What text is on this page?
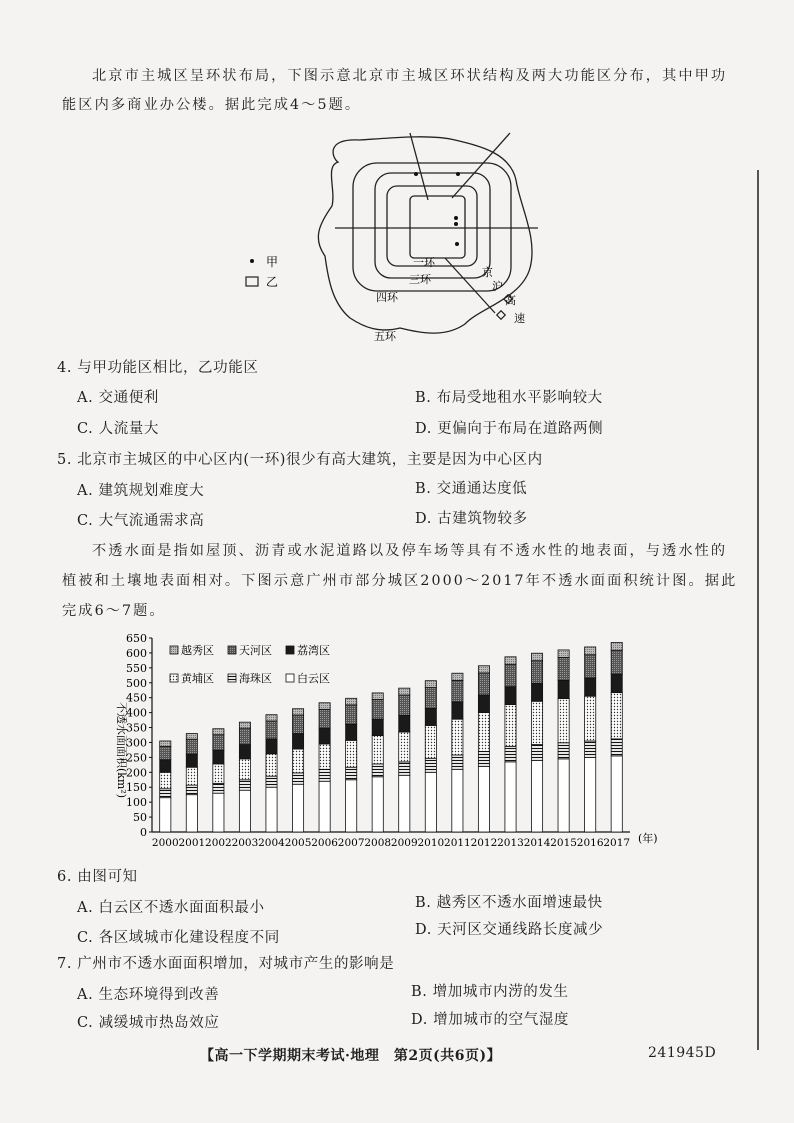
北京市主城区呈环状布局，下图示意北京市主城区环状结构及两大功能区分布，其中甲功
能区内多商业办公楼。据此完成4～5题。
甲
乙
一环
三环
四环
五环
京
沪
高
速
4. 与甲功能区相比，乙功能区
A. 交通便利	B. 布局受地租水平影响较大
C. 人流量大	D. 更偏向于布局在道路两侧
5. 北京市主城区的中心区内(一环)很少有高大建筑，主要是因为中心区内
A. 建筑规划难度大	B. 交通通达度低
C. 大气流通需求高	D. 古建筑物较多
不透水面是指如屋顶、沥青或水泥道路以及停车场等具有不透水性的地表面，与透水性的
植被和土壤地表面相对。下图示意广州市部分城区2000～2017年不透水面面积统计图。据此
完成6～7题。
不透水面面积(km²)
2000 2001 2002 2003 2004 2005 2006 2007 2008 2009 2010 2011 2012 2013 2014 2015 2016 2017
0
50
100
150
200
250
300
350
400
450
500
550
600
650
越秀区 天河区 荔湾区
黄埔区 海珠区 白云区
(年)
6. 由图可知
A. 白云区不透水面面积最小	B. 越秀区不透水面增速最快
C. 各区域城市化建设程度不同	D. 天河区交通线路长度减少
7. 广州市不透水面面积增加，对城市产生的影响是
A. 生态环境得到改善	B. 增加城市内涝的发生
C. 减缓城市热岛效应	D. 增加城市的空气湿度
【高一下学期期末考试·地理　第2页(共6页)】	241945D
